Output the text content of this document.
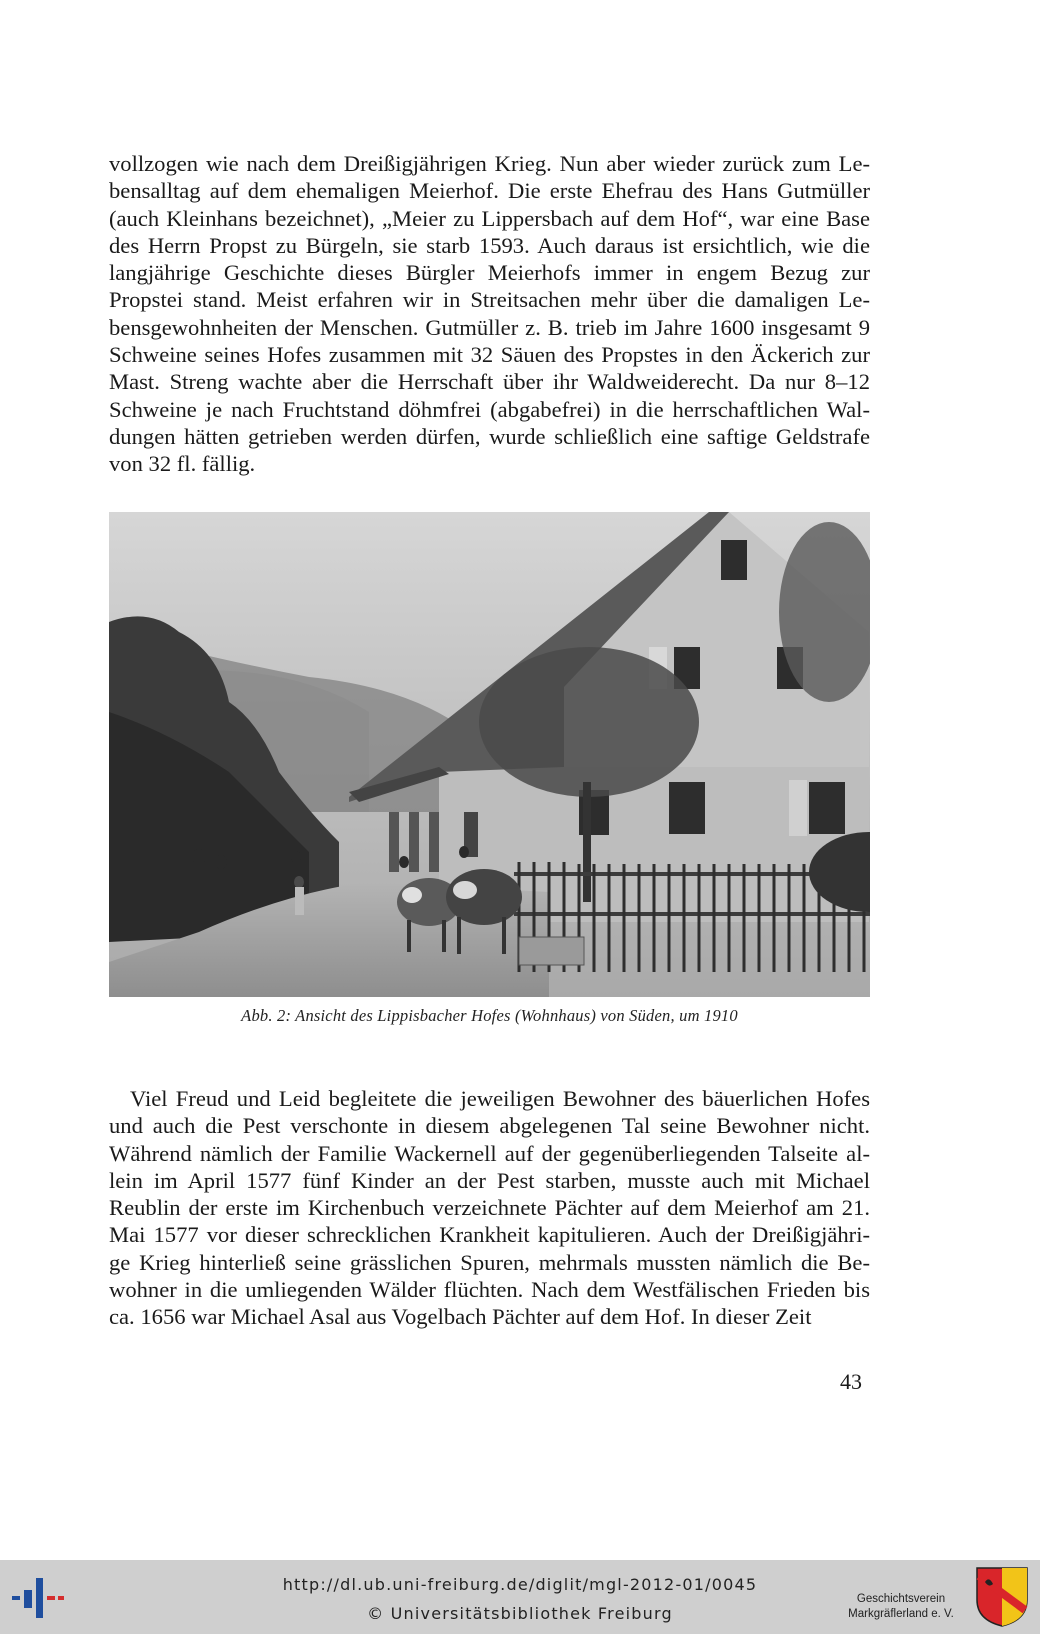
vollzogen wie nach dem Dreißigjährigen Krieg. Nun aber wieder zurück zum Le-
bensalltag auf dem ehemaligen Meierhof. Die erste Ehefrau des Hans Gutmüller
(auch Kleinhans bezeichnet), „Meier zu Lippersbach auf dem Hof“, war eine Base
des Herrn Propst zu Bürgeln, sie starb 1593. Auch daraus ist ersichtlich, wie die
langjährige Geschichte dieses Bürgler Meierhofs immer in engem Bezug zur
Propstei stand. Meist erfahren wir in Streitsachen mehr über die damaligen Le-
bensgewohnheiten der Menschen. Gutmüller z. B. trieb im Jahre 1600 insgesamt 9
Schweine seines Hofes zusammen mit 32 Säuen des Propstes in den Äckerich zur
Mast. Streng wachte aber die Herrschaft über ihr Waldweiderecht. Da nur 8–12
Schweine je nach Fruchtstand döhmfrei (abgabefrei) in die herrschaftlichen Wal-
dungen hätten getrieben werden dürfen, wurde schließlich eine saftige Geldstrafe
von 32 fl. fällig.
Abb. 2: Ansicht des Lippisbacher Hofes (Wohnhaus) von Süden, um 1910
Viel Freud und Leid begleitete die jeweiligen Bewohner des bäuerlichen Hofes
und auch die Pest verschonte in diesem abgelegenen Tal seine Bewohner nicht.
Während nämlich der Familie Wackernell auf der gegenüberliegenden Talseite al-
lein im April 1577 fünf Kinder an der Pest starben, musste auch mit Michael
Reublin der erste im Kirchenbuch verzeichnete Pächter auf dem Meierhof am 21.
Mai 1577 vor dieser schrecklichen Krankheit kapitulieren. Auch der Dreißigjähri-
ge Krieg hinterließ seine grässlichen Spuren, mehrmals mussten nämlich die Be-
wohner in die umliegenden Wälder flüchten. Nach dem Westfälischen Frieden bis
ca. 1656 war Michael Asal aus Vogelbach Pächter auf dem Hof. In dieser Zeit
43
http://dl.ub.uni-freiburg.de/diglit/mgl-2012-01/0045
© Universitätsbibliothek Freiburg
Geschichtsverein
Markgräflerland e. V.
